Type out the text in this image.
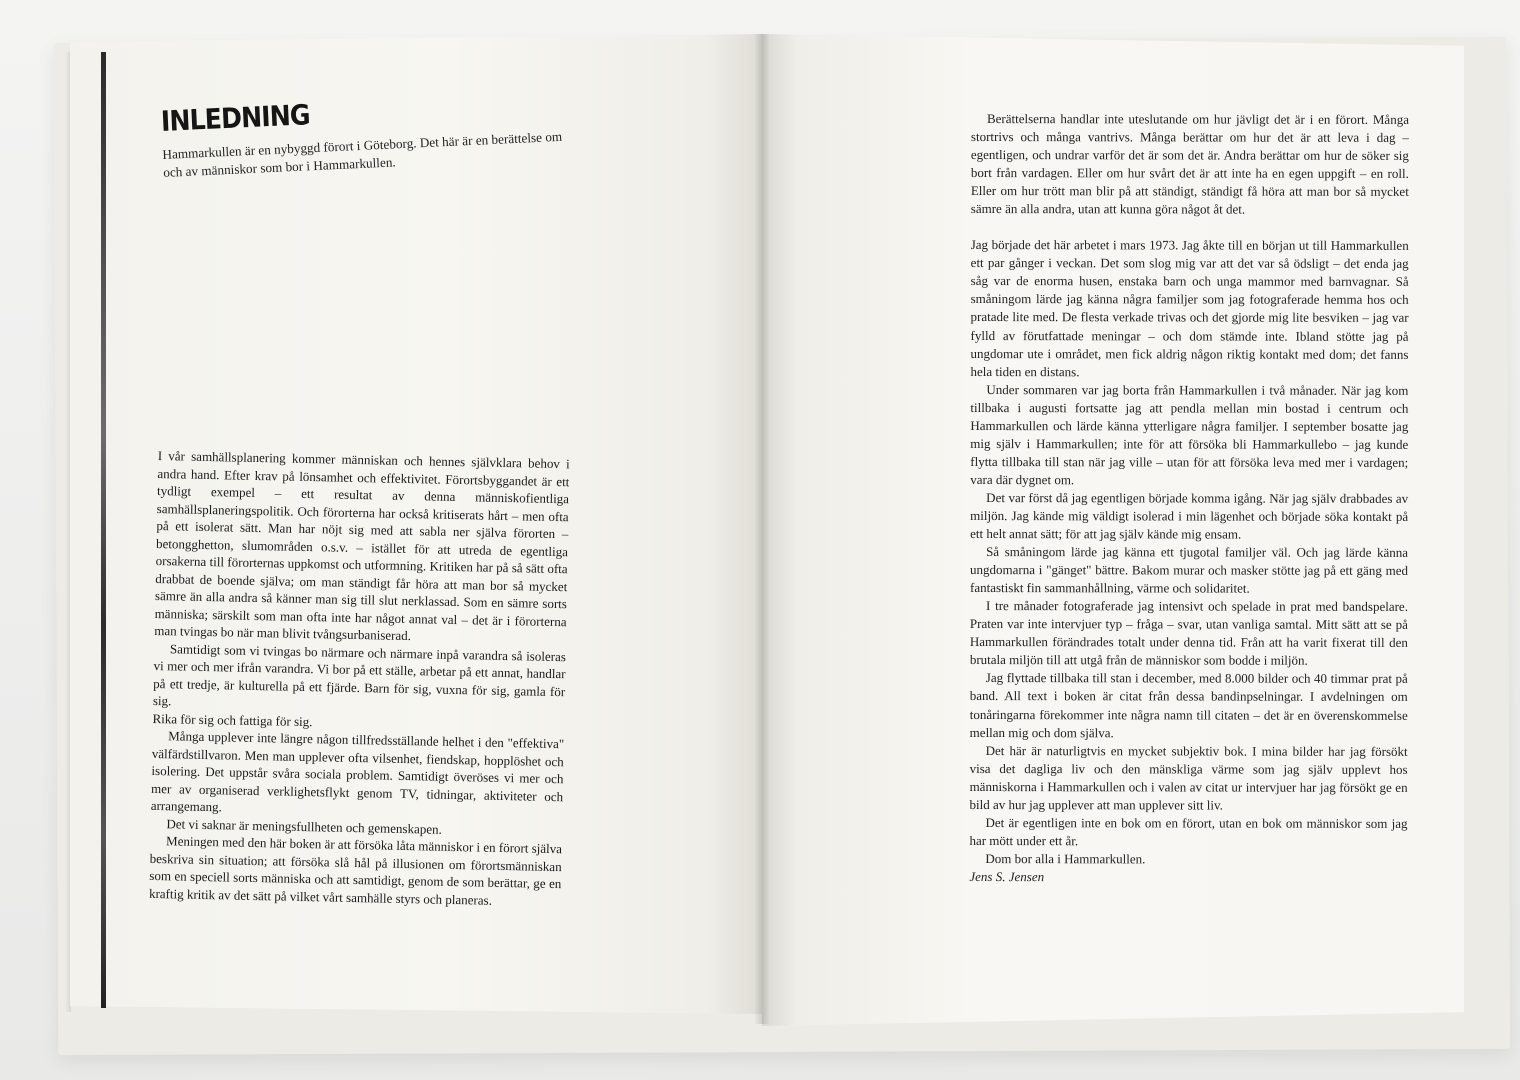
INLEDNING
Hammarkullen är en nybyggd förort i Göteborg. Det här är en berättelse om och av människor som bor i Hammarkullen.

I vår samhällsplanering kommer människan och hennes självklara behov i andra hand. Efter krav på lönsamhet och effektivitet. Förortsbyggandet är ett tydligt exempel – ett resultat av denna människofientliga samhällsplaneringspolitik. Och förorterna har också kritiserats hårt – men ofta på ett isolerat sätt. Man har nöjt sig med att sabla ner själva förorten – betongghetton, slumområden o.s.v. – istället för att utreda de egentliga orsakerna till förorternas uppkomst och utformning. Kritiken har på så sätt ofta drabbat de boende själva; om man ständigt får höra att man bor så mycket sämre än alla andra så känner man sig till slut nerklassad. Som en sämre sorts människa; särskilt som man ofta inte har något annat val – det är i förorterna man tvingas bo när man blivit tvångsurbaniserad.

Samtidigt som vi tvingas bo närmare och närmare inpå varandra så isoleras vi mer och mer ifrån varandra. Vi bor på ett ställe, arbetar på ett annat, handlar på ett tredje, är kulturella på ett fjärde. Barn för sig, vuxna för sig, gamla för sig.

Rika för sig och fattiga för sig.

Många upplever inte längre någon tillfredsställande helhet i den "effektiva" välfärdstillvaron. Men man upplever ofta vilsenhet, fiendskap, hopplöshet och isolering. Det uppstår svåra sociala problem. Samtidigt överöses vi mer och mer av organiserad verklighetsflykt genom TV, tidningar, aktiviteter och arrangemang.

Det vi saknar är meningsfullheten och gemenskapen.

Meningen med den här boken är att försöka låta människor i en förort själva beskriva sin situation; att försöka slå hål på illusionen om förortsmänniskan som en speciell sorts människa och att samtidigt, genom de som berättar, ge en kraftig kritik av det sätt på vilket vårt samhälle styrs och planeras.

Berättelserna handlar inte uteslutande om hur jävligt det är i en förort. Många stortrivs och många vantrivs. Många berättar om hur det är att leva i dag – egentligen, och undrar varför det är som det är. Andra berättar om hur de söker sig bort från vardagen. Eller om hur svårt det är att inte ha en egen uppgift – en roll. Eller om hur trött man blir på att ständigt, ständigt få höra att man bor så mycket sämre än alla andra, utan att kunna göra något åt det.

Jag började det här arbetet i mars 1973. Jag åkte till en början ut till Hammarkullen ett par gånger i veckan. Det som slog mig var att det var så ödsligt – det enda jag såg var de enorma husen, enstaka barn och unga mammor med barnvagnar. Så småningom lärde jag känna några familjer som jag fotograferade hemma hos och pratade lite med. De flesta verkade trivas och det gjorde mig lite besviken – jag var fylld av förutfattade meningar – och dom stämde inte. Ibland stötte jag på ungdomar ute i området, men fick aldrig någon riktig kontakt med dom; det fanns hela tiden en distans.

Under sommaren var jag borta från Hammarkullen i två månader. När jag kom tillbaka i augusti fortsatte jag att pendla mellan min bostad i centrum och Hammarkullen och lärde känna ytterligare några familjer. I september bosatte jag mig själv i Hammarkullen; inte för att försöka bli Hammarkullebo – jag kunde flytta tillbaka till stan när jag ville – utan för att försöka leva med mer i vardagen; vara där dygnet om.

Det var först då jag egentligen började komma igång. När jag själv drabbades av miljön. Jag kände mig väldigt isolerad i min lägenhet och började söka kontakt på ett helt annat sätt; för att jag själv kände mig ensam.

Så småningom lärde jag känna ett tjugotal familjer väl. Och jag lärde känna ungdomarna i "gänget" bättre. Bakom murar och masker stötte jag på ett gäng med fantastiskt fin sammanhållning, värme och solidaritet.

I tre månader fotograferade jag intensivt och spelade in prat med bandspelare. Praten var inte intervjuer typ – fråga – svar, utan vanliga samtal. Mitt sätt att se på Hammarkullen förändrades totalt under denna tid. Från att ha varit fixerat till den brutala miljön till att utgå från de människor som bodde i miljön.

Jag flyttade tillbaka till stan i december, med 8.000 bilder och 40 timmar prat på band. All text i boken är citat från dessa bandinpselningar. I avdelningen om tonåringarna förekommer inte några namn till citaten – det är en överenskommelse mellan mig och dom själva.

Det här är naturligtvis en mycket subjektiv bok. I mina bilder har jag försökt visa det dagliga liv och den mänskliga värme som jag själv upplevt hos människorna i Hammarkullen och i valen av citat ur intervjuer har jag försökt ge en bild av hur jag upplever att man upplever sitt liv.

Det är egentligen inte en bok om en förort, utan en bok om människor som jag har mött under ett år.

Dom bor alla i Hammarkullen.

Jens S. Jensen
